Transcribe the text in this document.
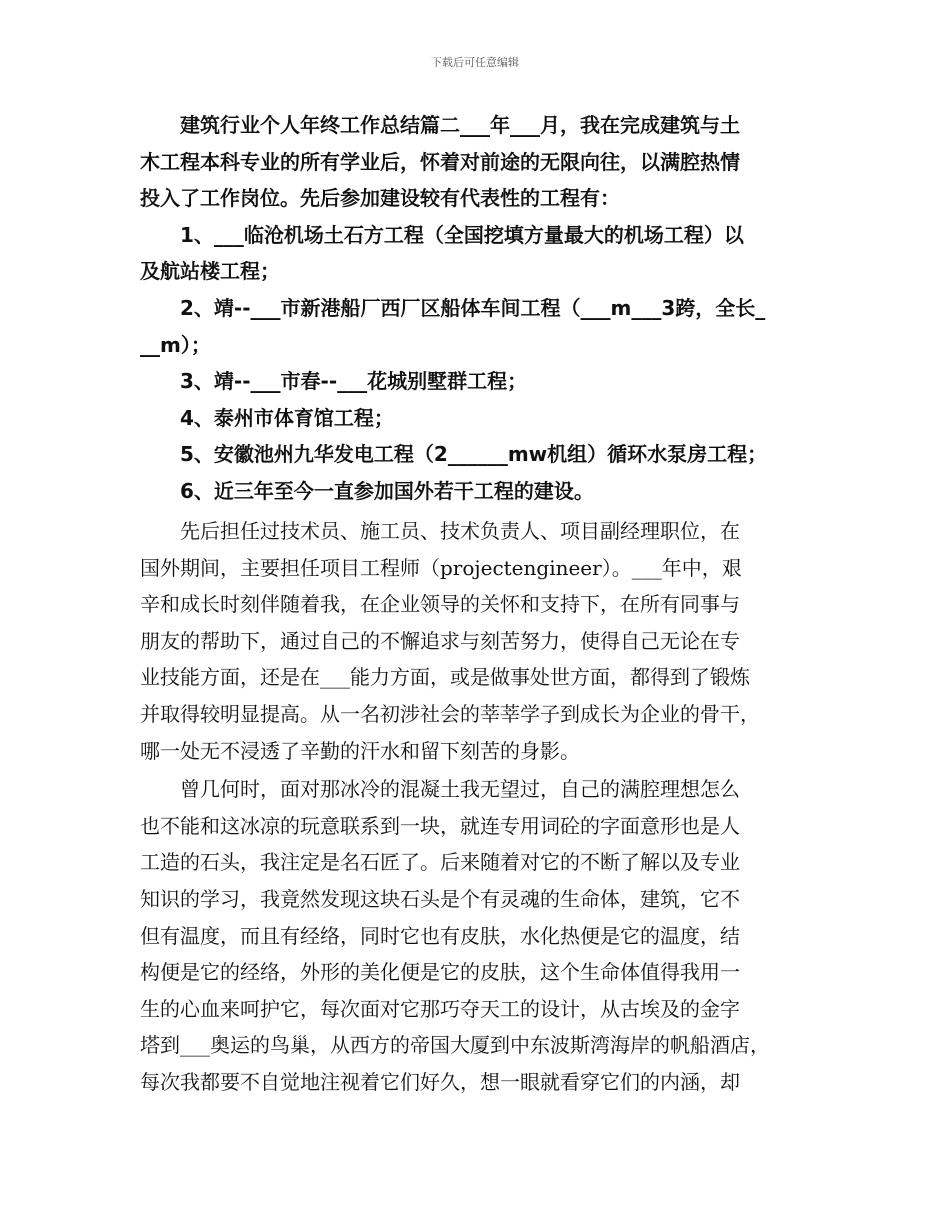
下载后可任意编辑
　　建筑行业个人年终工作总结篇二___年___月，我在完成建筑与土
木工程本科专业的所有学业后，怀着对前途的无限向往，以满腔热情
投入了工作岗位。先后参加建设较有代表性的工程有：
　　1、___临沧机场土石方工程（全国挖填方量最大的机场工程）以
及航站楼工程；
　　2、靖--___市新港船厂西厂区船体车间工程（___m___3跨，全长_
__m）；
　　3、靖--___市春--___花城别墅群工程；
　　4、泰州市体育馆工程；
　　5、安徽池州九华发电工程（2______mw机组）循环水泵房工程；
　　6、近三年至今一直参加国外若干工程的建设。
　　先后担任过技术员、施工员、技术负责人、项目副经理职位，在
国外期间，主要担任项目工程师（projectengineer）。___年中，艰
辛和成长时刻伴随着我，在企业领导的关怀和支持下，在所有同事与
朋友的帮助下，通过自己的不懈追求与刻苦努力，使得自己无论在专
业技能方面，还是在___能力方面，或是做事处世方面，都得到了锻炼
并取得较明显提高。从一名初涉社会的莘莘学子到成长为企业的骨干，
哪一处无不浸透了辛勤的汗水和留下刻苦的身影。
　　曾几何时，面对那冰冷的混凝土我无望过，自己的满腔理想怎么
也不能和这冰凉的玩意联系到一块，就连专用词砼的字面意形也是人
工造的石头，我注定是名石匠了。后来随着对它的不断了解以及专业
知识的学习，我竟然发现这块石头是个有灵魂的生命体，建筑，它不
但有温度，而且有经络，同时它也有皮肤，水化热便是它的温度，结
构便是它的经络，外形的美化便是它的皮肤，这个生命体值得我用一
生的心血来呵护它，每次面对它那巧夺天工的设计，从古埃及的金字
塔到___奥运的鸟巢，从西方的帝国大厦到中东波斯湾海岸的帆船酒店，
每次我都要不自觉地注视着它们好久，想一眼就看穿它们的内涵，却
